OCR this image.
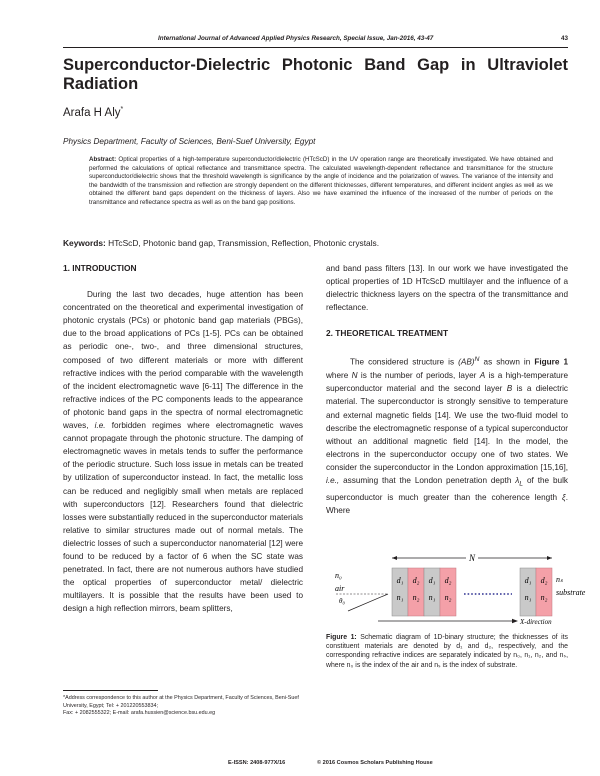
International Journal of Advanced Applied Physics Research, Special Issue, Jan-2016, 43-47	43
Superconductor-Dielectric Photonic Band Gap in Ultraviolet Radiation
Arafa H Aly*
Physics Department, Faculty of Sciences, Beni-Suef University, Egypt
Abstract: Optical properties of a high-temperature superconductor/dielectric (HTcScD) in the UV operation range are theoretically investigated. We have obtained and performed the calculations of optical reflectance and transmittance spectra. The calculated wavelength-dependent reflectance and transmittance for the structure superconductor/dielectric shows that the threshold wavelength is significance by the angle of incidence and the polarization of waves. The variance of the intensity and the bandwidth of the transmission and reflection are strongly dependent on the different thicknesses, different temperatures, and different incident angles as well as we obtained the different band gaps dependent on the thickness of layers. Also we have examined the influence of the increased of the number of periods on the transmittance and reflectance spectra as well as on the band gap positions.
Keywords: HTcScD, Photonic band gap, Transmission, Reflection, Photonic crystals.
1. INTRODUCTION

During the last two decades, huge attention has been concentrated on the theoretical and experimental investigation of photonic crystals (PCs) or photonic band gap materials (PBGs), due to the broad applications of PCs [1-5]. PCs can be obtained as periodic one-, two-, and three dimensional structures, composed of two different materials or more with different refractive indices with the period comparable with the wavelength of the incident electromagnetic wave [6-11] The difference in the refractive indices of the PC components leads to the appearance of photonic band gaps in the spectra of normal electromagnetic waves, i.e. forbidden regimes where electromagnetic waves cannot propagate through the photonic structure. The damping of electromagnetic waves in metals tends to suffer the performance of the periodic structure. Such loss issue in metals can be treated by utilization of superconductor instead. In fact, the metallic loss can be reduced and negligibly small when metals are replaced with superconductors [12]. Researchers found that dielectric losses were substantially reduced in the superconductor materials relative to similar structures made out of normal metals. The dielectric losses of such a superconductor nanomaterial [12] were found to be reduced by a factor of 6 when the SC state was penetrated. In fact, there are not numerous authors have studied the optical properties of superconductor metal/ dielectric multilayers. It is possible that the results have been used to design a high reflection mirrors, beam splitters,

and band pass filters [13]. In our work we have investigated the optical properties of 1D HTcScD multilayer and the influence of a dielectric thickness layers on the spectra of the transmittance and reflectance.

2. THEORETICAL TREATMENT

The considered structure is (AB)$^N$ as shown in Figure 1 where N is the number of periods, layer A is a high-temperature superconductor material and the second layer B is a dielectric material. The superconductor is strongly sensitive to temperature and external magnetic fields [14]. We use the two-fluid model to describe the electromagnetic response of a typical superconductor without an additional magnetic field [14]. In the model, the electrons in the superconductor occupy one of two states. We consider the superconductor in the London approximation [15,16], i.e., assuming that the London penetration depth $\lambda_L$ of the bulk superconductor is much greater than the coherence length ξ. Where

N
n₀
air
d₁ d₂ d₁ d₂
n₁ n₂ n₁ n₂
d₁ d₂
n₁ n₂
nₛ
substrate
θ₀
X-direction
Figure 1: Schematic diagram of 1D-binary structure; the thicknesses of its constituent materials are denoted by d₁ and d₂, respectively, and the corresponding refractive indices are separately indicated by n₀, n₁, n₂, and nₛ, where n₀ is the index of the air and nₛ is the index of substrate.
*Address correspondence to this author at the Physics Department, Faculty of Sciences, Beni-Suef University, Egypt; Tel: + 201220553834;
Fax: + 2082555322; E-mail: arafa.hussien@science.bsu.edu.eg
E-ISSN: 2408-977X/16	© 2016 Cosmos Scholars Publishing House
